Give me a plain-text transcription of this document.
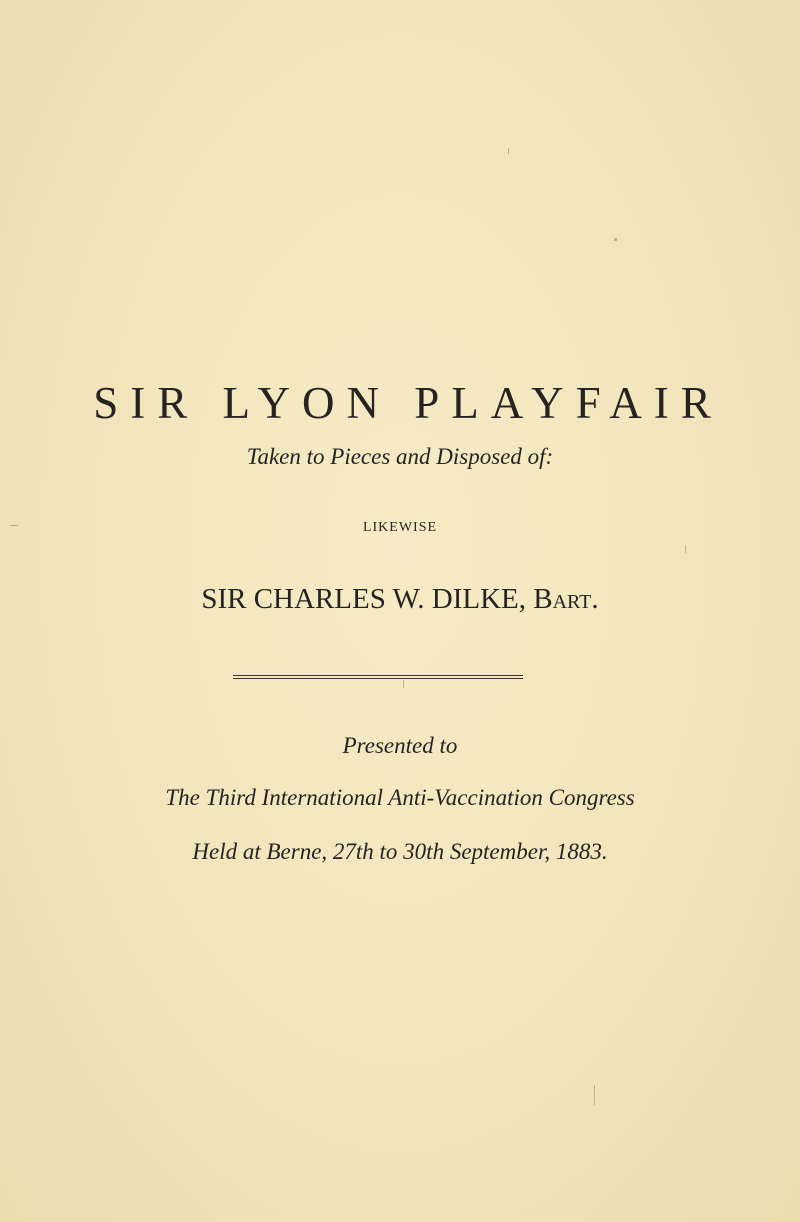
SIR LYON PLAYFAIR
Taken to Pieces and Disposed of:
LIKEWISE
SIR CHARLES W. DILKE, Bart.
Presented to
The Third International Anti-Vaccination Congress
Held at Berne, 27th to 30th September, 1883.
